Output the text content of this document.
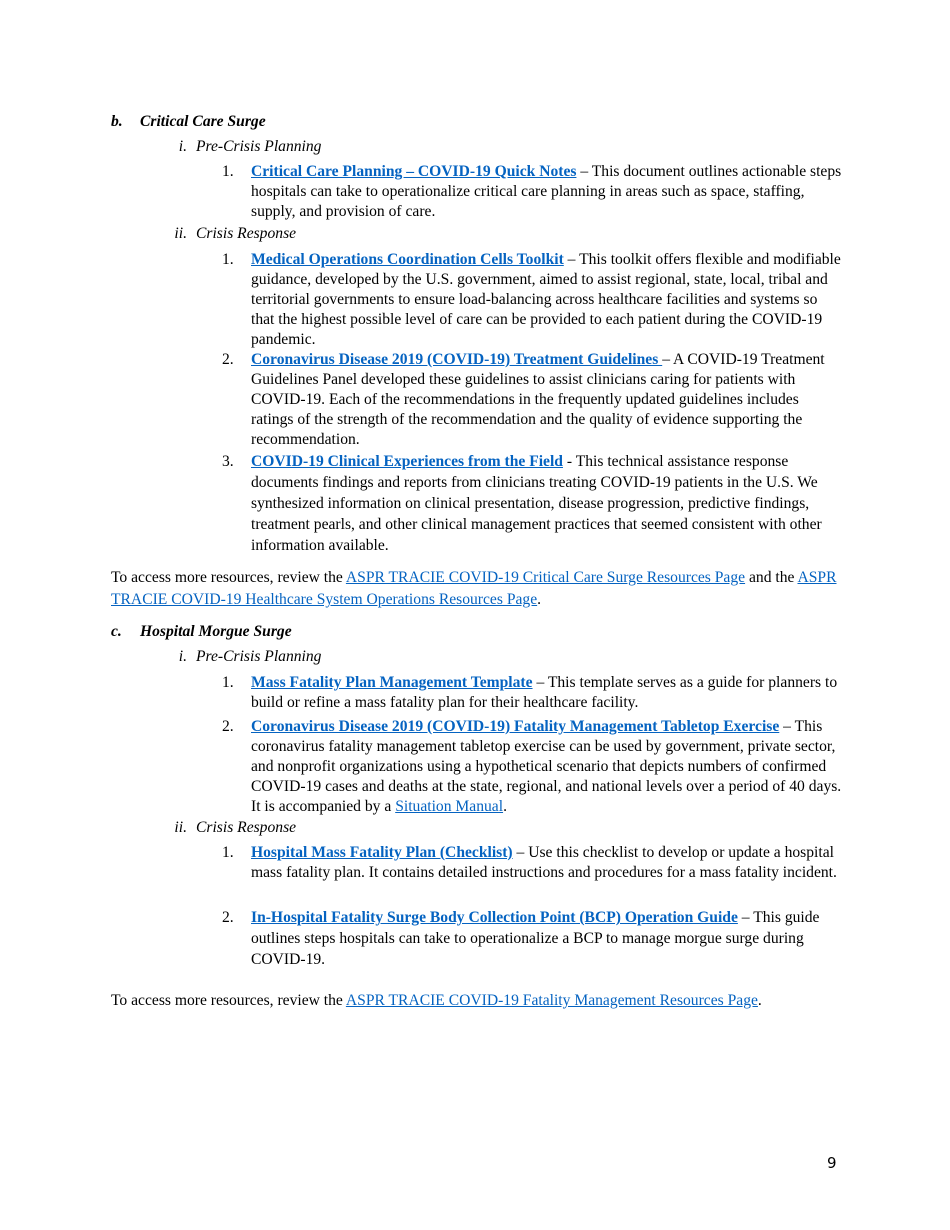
b. Critical Care Surge
i. Pre-Crisis Planning
1. Critical Care Planning – COVID-19 Quick Notes – This document outlines actionable steps hospitals can take to operationalize critical care planning in areas such as space, staffing, supply, and provision of care.
ii. Crisis Response
1. Medical Operations Coordination Cells Toolkit – This toolkit offers flexible and modifiable guidance, developed by the U.S. government, aimed to assist regional, state, local, tribal and territorial governments to ensure load-balancing across healthcare facilities and systems so that the highest possible level of care can be provided to each patient during the COVID-19 pandemic.
2. Coronavirus Disease 2019 (COVID-19) Treatment Guidelines – A COVID-19 Treatment Guidelines Panel developed these guidelines to assist clinicians caring for patients with COVID-19. Each of the recommendations in the frequently updated guidelines includes ratings of the strength of the recommendation and the quality of evidence supporting the recommendation.
3. COVID-19 Clinical Experiences from the Field - This technical assistance response documents findings and reports from clinicians treating COVID-19 patients in the U.S. We synthesized information on clinical presentation, disease progression, predictive findings, treatment pearls, and other clinical management practices that seemed consistent with other information available.
To access more resources, review the ASPR TRACIE COVID-19 Critical Care Surge Resources Page and the ASPR TRACIE COVID-19 Healthcare System Operations Resources Page.
c. Hospital Morgue Surge
i. Pre-Crisis Planning
1. Mass Fatality Plan Management Template – This template serves as a guide for planners to build or refine a mass fatality plan for their healthcare facility.
2. Coronavirus Disease 2019 (COVID-19) Fatality Management Tabletop Exercise – This coronavirus fatality management tabletop exercise can be used by government, private sector, and nonprofit organizations using a hypothetical scenario that depicts numbers of confirmed COVID-19 cases and deaths at the state, regional, and national levels over a period of 40 days. It is accompanied by a Situation Manual.
ii. Crisis Response
1. Hospital Mass Fatality Plan (Checklist) – Use this checklist to develop or update a hospital mass fatality plan. It contains detailed instructions and procedures for a mass fatality incident.
2. In-Hospital Fatality Surge Body Collection Point (BCP) Operation Guide – This guide outlines steps hospitals can take to operationalize a BCP to manage morgue surge during COVID-19.
To access more resources, review the ASPR TRACIE COVID-19 Fatality Management Resources Page.
9
